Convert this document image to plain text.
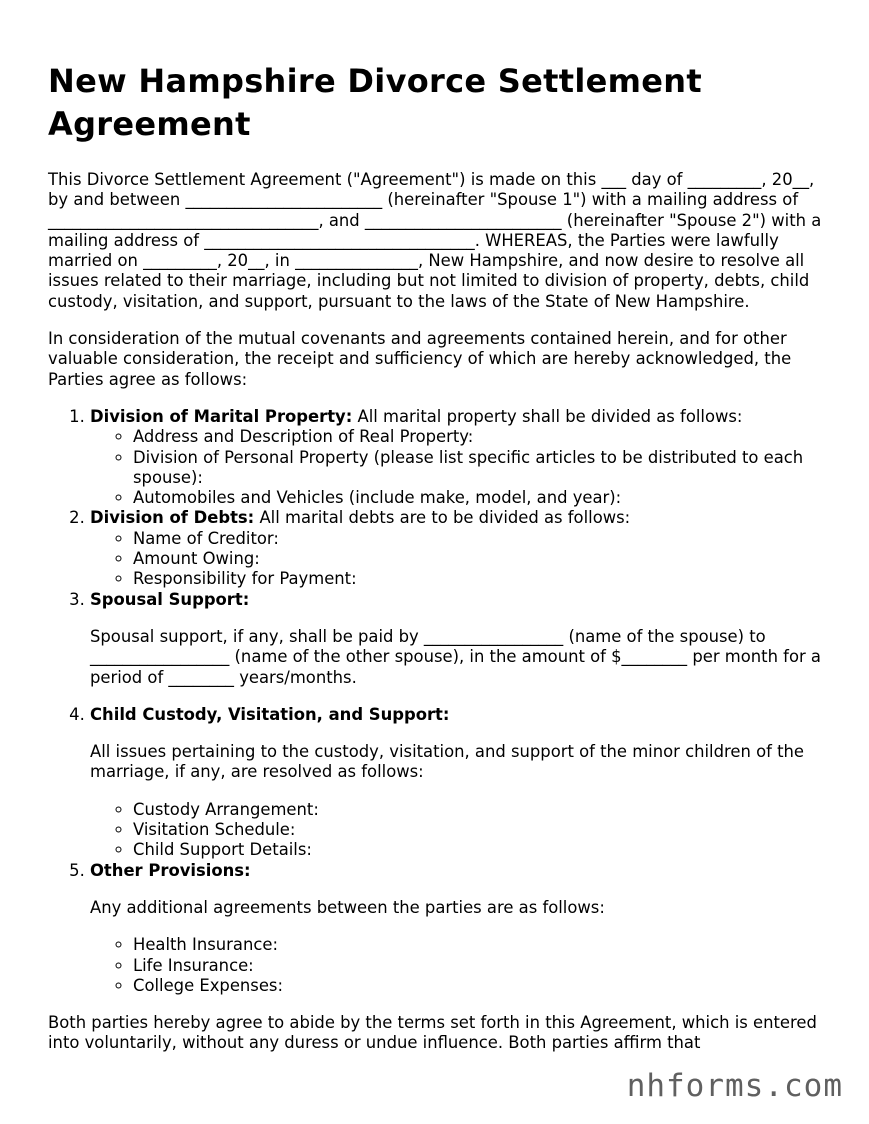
New Hampshire Divorce Settlement Agreement

This Divorce Settlement Agreement ("Agreement") is made on this ___ day of _________, 20__, by and between ________________________ (hereinafter "Spouse 1") with a mailing address of _________________________________, and ________________________ (hereinafter "Spouse 2") with a mailing address of _________________________________. WHEREAS, the Parties were lawfully married on _________, 20__, in _______________, New Hampshire, and now desire to resolve all issues related to their marriage, including but not limited to division of property, debts, child custody, visitation, and support, pursuant to the laws of the State of New Hampshire.

In consideration of the mutual covenants and agreements contained herein, and for other valuable consideration, the receipt and sufficiency of which are hereby acknowledged, the Parties agree as follows:

1. Division of Marital Property: All marital property shall be divided as follows:
◦ Address and Description of Real Property:
◦ Division of Personal Property (please list specific articles to be distributed to each spouse):
◦ Automobiles and Vehicles (include make, model, and year):
2. Division of Debts: All marital debts are to be divided as follows:
◦ Name of Creditor:
◦ Amount Owing:
◦ Responsibility for Payment:
3. Spousal Support:

Spousal support, if any, shall be paid by _________________ (name of the spouse) to _________________ (name of the other spouse), in the amount of $________ per month for a period of ________ years/months.

4. Child Custody, Visitation, and Support:

All issues pertaining to the custody, visitation, and support of the minor children of the marriage, if any, are resolved as follows:

◦ Custody Arrangement:
◦ Visitation Schedule:
◦ Child Support Details:
5. Other Provisions:

Any additional agreements between the parties are as follows:

◦ Health Insurance:
◦ Life Insurance:
◦ College Expenses:

Both parties hereby agree to abide by the terms set forth in this Agreement, which is entered into voluntarily, without any duress or undue influence. Both parties affirm that

nhforms.com
